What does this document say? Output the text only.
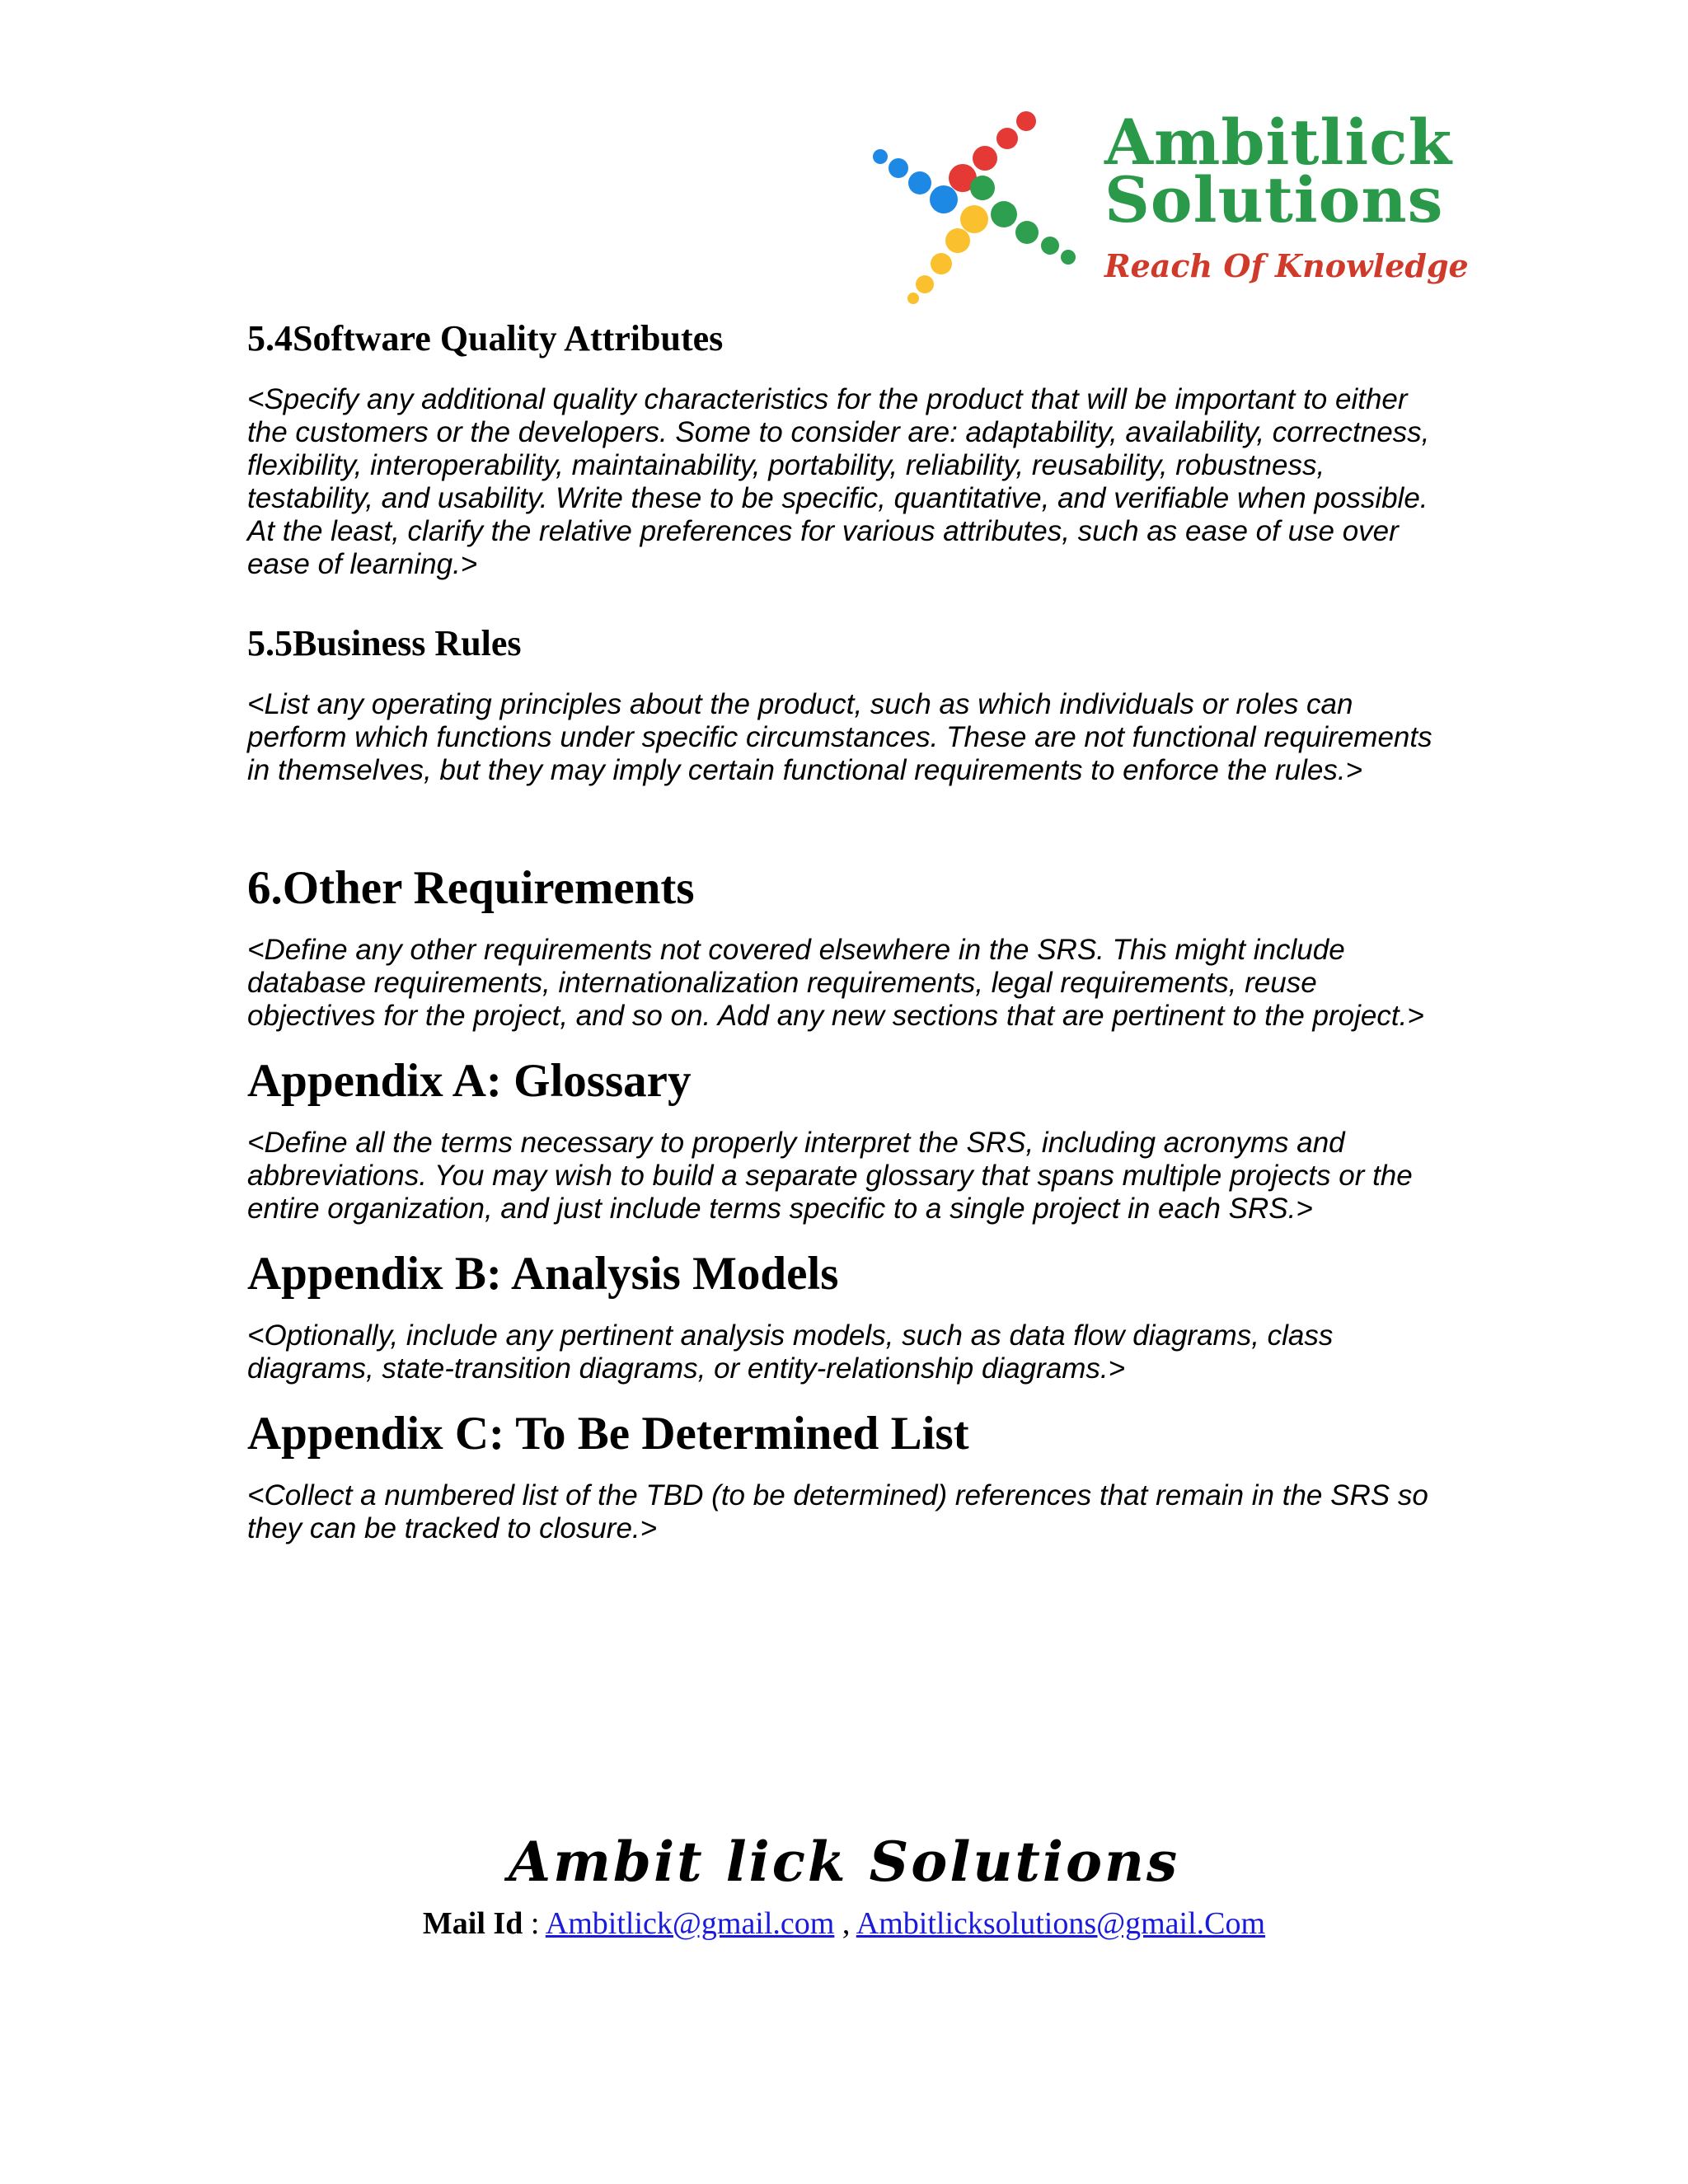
Ambitlick
Solutions
Reach Of Knowledge
5.4Software Quality Attributes
<Specify any additional quality characteristics for the product that will be important to either
the customers or the developers. Some to consider are: adaptability, availability, correctness,
flexibility, interoperability, maintainability, portability, reliability, reusability, robustness,
testability, and usability. Write these to be specific, quantitative, and verifiable when possible.
At the least, clarify the relative preferences for various attributes, such as ease of use over
ease of learning.>
5.5Business Rules
<List any operating principles about the product, such as which individuals or roles can
perform which functions under specific circumstances. These are not functional requirements
in themselves, but they may imply certain functional requirements to enforce the rules.>
6.Other Requirements
<Define any other requirements not covered elsewhere in the SRS. This might include
database requirements, internationalization requirements, legal requirements, reuse
objectives for the project, and so on. Add any new sections that are pertinent to the project.>
Appendix A: Glossary
<Define all the terms necessary to properly interpret the SRS, including acronyms and
abbreviations. You may wish to build a separate glossary that spans multiple projects or the
entire organization, and just include terms specific to a single project in each SRS.>
Appendix B: Analysis Models
<Optionally, include any pertinent analysis models, such as data flow diagrams, class
diagrams, state-transition diagrams, or entity-relationship diagrams.>
Appendix C: To Be Determined List
<Collect a numbered list of the TBD (to be determined) references that remain in the SRS so
they can be tracked to closure.>
Ambit lick Solutions
Mail Id : Ambitlick@gmail.com , Ambitlicksolutions@gmail.Com
